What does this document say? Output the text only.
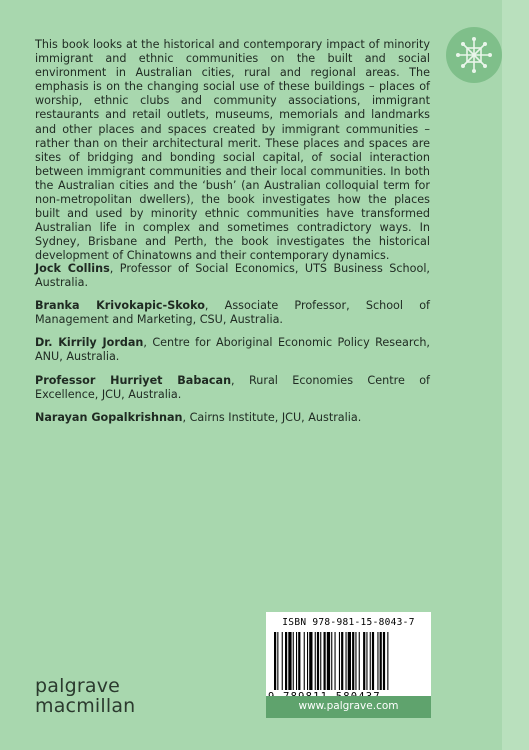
This book looks at the historical and contemporary impact of minority immigrant and ethnic communities on the built and social environment in Australian cities, rural and regional areas. The emphasis is on the changing social use of these buildings – places of worship, ethnic clubs and community associations, immigrant restaurants and retail outlets, museums, memorials and landmarks and other places and spaces created by immigrant communities – rather than on their architectural merit. These places and spaces are sites of bridging and bonding social capital, of social interaction between immigrant communities and their local communities. In both the Australian cities and the ‘bush’ (an Australian colloquial term for non-metropolitan dwellers), the book investigates how the places built and used by minority ethnic communities have transformed Australian life in complex and sometimes contradictory ways. In Sydney, Brisbane and Perth, the book investigates the historical development of Chinatowns and their contemporary dynamics.

Jock Collins, Professor of Social Economics, UTS Business School, Australia.

Branka Krivokapic-Skoko, Associate Professor, School of Management and Marketing, CSU, Australia.

Dr. Kirrily Jordan, Centre for Aboriginal Economic Policy Research, ANU, Australia.

Professor Hurriyet Babacan, Rural Economies Centre of Excellence, JCU, Australia.

Narayan Gopalkrishnan, Cairns Institute, JCU, Australia.

ISBN 978-981-15-8043-7
www.palgrave.com
palgrave
macmillan
